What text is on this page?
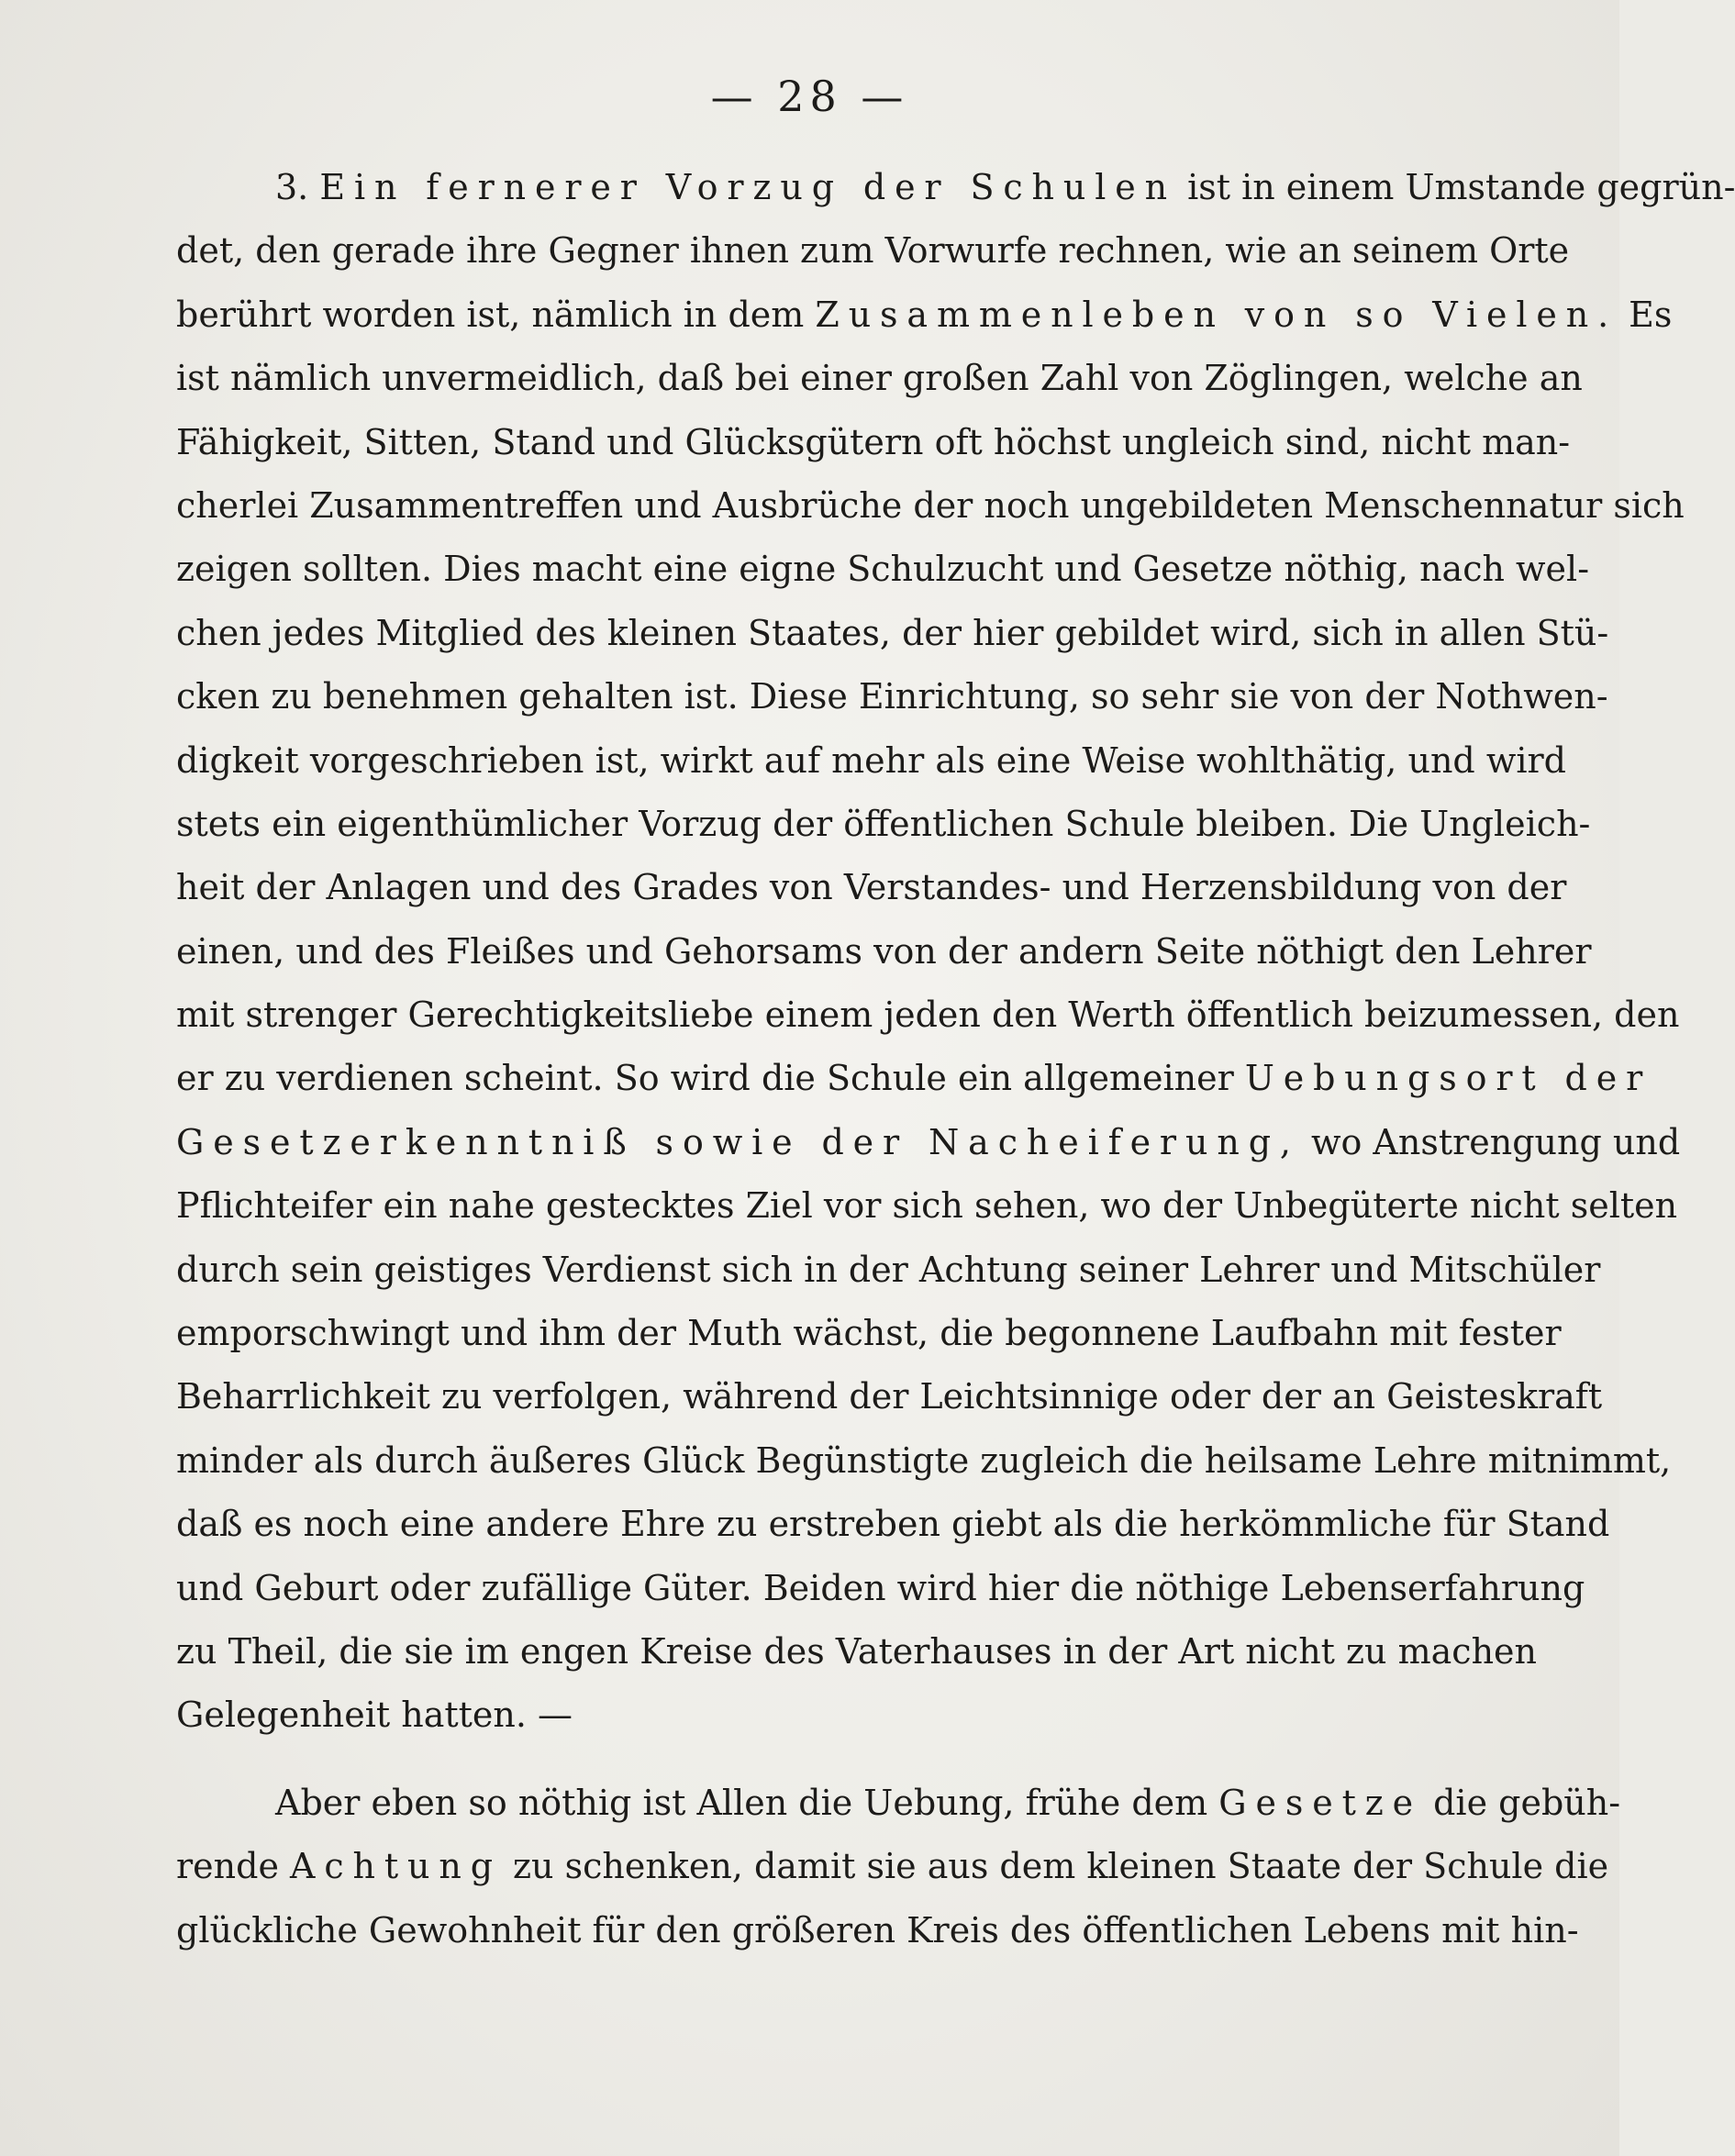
— 28 —
3. Ein fernerer Vorzug der Schulen ist in einem Umstande gegrün-
det, den gerade ihre Gegner ihnen zum Vorwurfe rechnen, wie an seinem Orte
berührt worden ist, nämlich in dem Zusammenleben von so Vielen. Es
ist nämlich unvermeidlich, daß bei einer großen Zahl von Zöglingen, welche an
Fähigkeit, Sitten, Stand und Glücksgütern oft höchst ungleich sind, nicht man-
cherlei Zusammentreffen und Ausbrüche der noch ungebildeten Menschennatur sich
zeigen sollten. Dies macht eine eigne Schulzucht und Gesetze nöthig, nach wel-
chen jedes Mitglied des kleinen Staates, der hier gebildet wird, sich in allen Stü-
cken zu benehmen gehalten ist. Diese Einrichtung, so sehr sie von der Nothwen-
digkeit vorgeschrieben ist, wirkt auf mehr als eine Weise wohlthätig, und wird
stets ein eigenthümlicher Vorzug der öffentlichen Schule bleiben. Die Ungleich-
heit der Anlagen und des Grades von Verstandes- und Herzensbildung von der
einen, und des Fleißes und Gehorsams von der andern Seite nöthigt den Lehrer
mit strenger Gerechtigkeitsliebe einem jeden den Werth öffentlich beizumessen, den
er zu verdienen scheint. So wird die Schule ein allgemeiner Uebungsort der
Gesetzerkenntniß sowie der Nacheiferung, wo Anstrengung und
Pflichteifer ein nahe gestecktes Ziel vor sich sehen, wo der Unbegüterte nicht selten
durch sein geistiges Verdienst sich in der Achtung seiner Lehrer und Mitschüler
emporschwingt und ihm der Muth wächst, die begonnene Laufbahn mit fester
Beharrlichkeit zu verfolgen, während der Leichtsinnige oder der an Geisteskraft
minder als durch äußeres Glück Begünstigte zugleich die heilsame Lehre mitnimmt,
daß es noch eine andere Ehre zu erstreben giebt als die herkömmliche für Stand
und Geburt oder zufällige Güter. Beiden wird hier die nöthige Lebenserfahrung
zu Theil, die sie im engen Kreise des Vaterhauses in der Art nicht zu machen
Gelegenheit hatten. —
Aber eben so nöthig ist Allen die Uebung, frühe dem Gesetze die gebüh-
rende Achtung zu schenken, damit sie aus dem kleinen Staate der Schule die
glückliche Gewohnheit für den größeren Kreis des öffentlichen Lebens mit hin-
